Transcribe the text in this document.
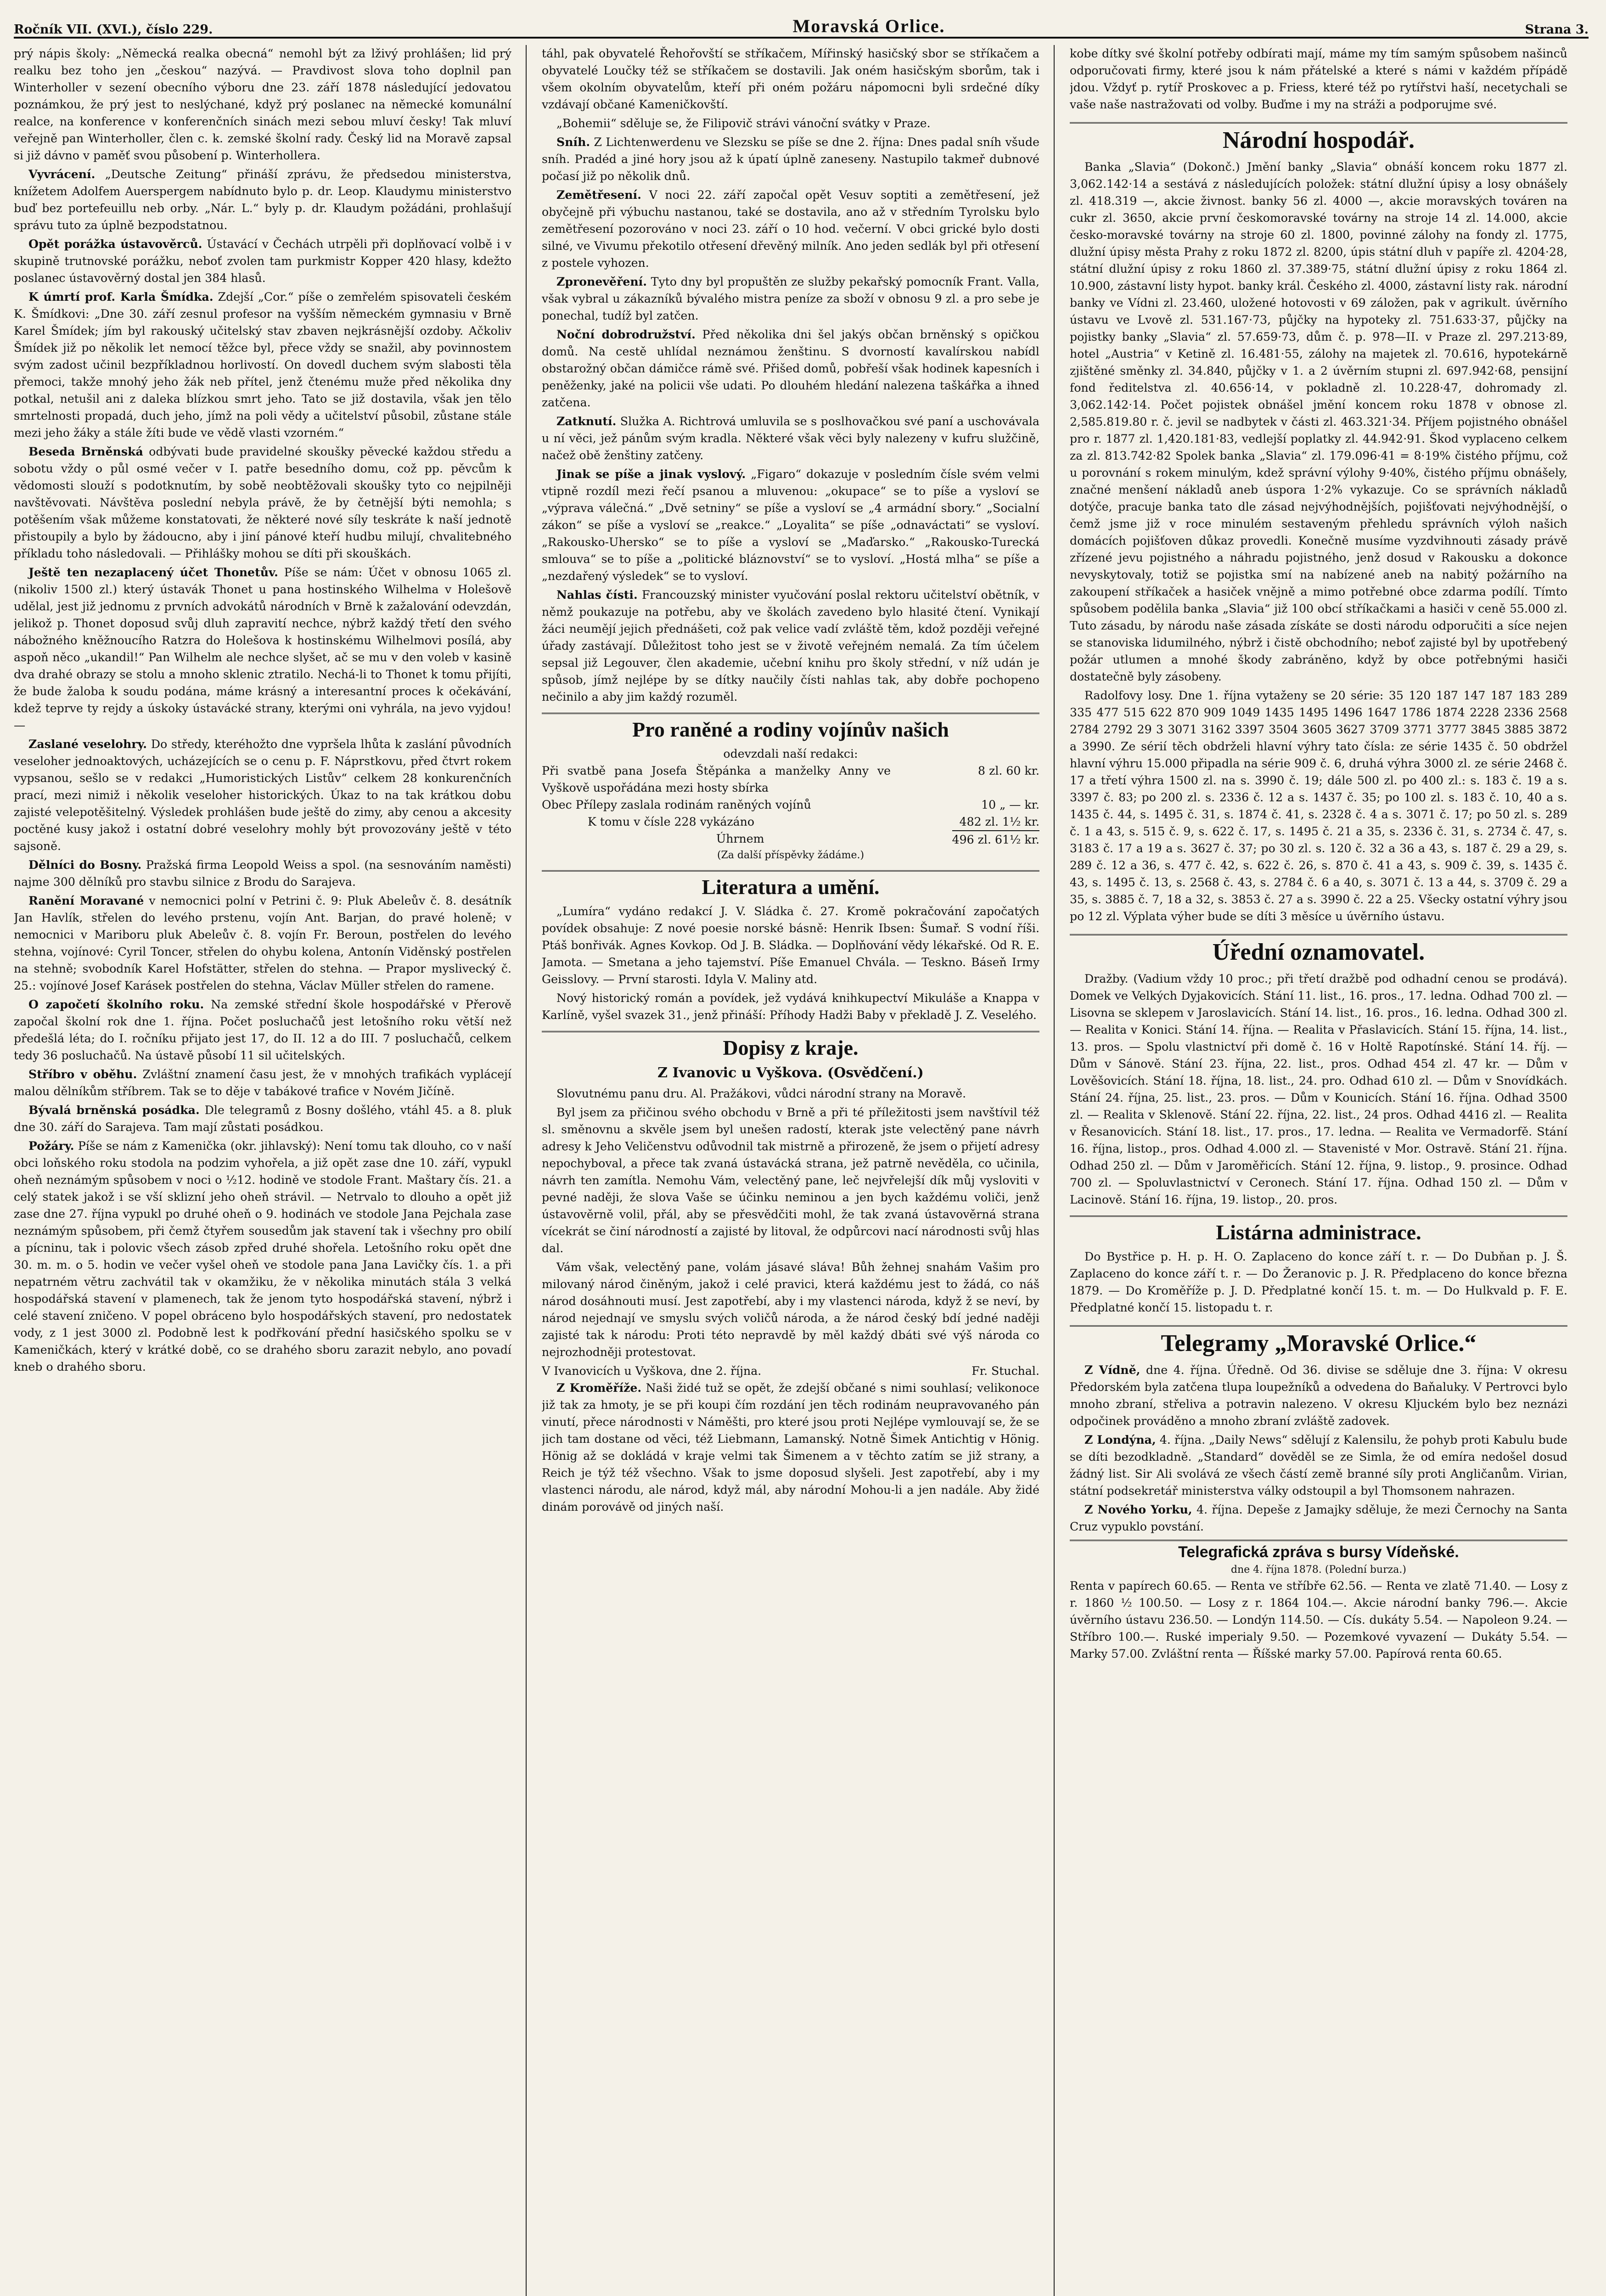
Ročník VII. (XVI.), číslo 229.	Moravská Orlice.	Strana 3.

prý nápis školy: „Německá realka obecná“ nemohl být za lživý prohlášen; lid prý realku bez toho jen „českou“ nazývá. — Pravdivost slova toho doplnil pan Winterholler v sezení obecního výboru dne 23. září 1878 následující jedovatou poznámkou, že prý jest to neslýchané, když prý poslanec na německé komunální realce, na konference v konferenčních sinách mezi sebou mluví česky! Tak mluví veřejně pan Winterholler, člen c. k. zemské školní rady. Český lid na Moravě zapsal si již dávno v paměť svou působení p. Winterhollera.

Vyvrácení. „Deutsche Zeitung“ přináší zprávu, že předsedou ministerstva, knížetem Adolfem Auerspergem nabídnuto bylo p. dr. Leop. Klaudymu ministerstvo buď bez portefeuillu neb orby. „Nár. L.“ byly p. dr. Klaudym požádáni, prohlašují správu tuto za úplně bezpodstatnou.

Opět porážka ústavověrců. Ústavácí v Čechách utrpěli při doplňovací volbě i v skupině trutnovské porážku, neboť zvolen tam purkmistr Kopper 420 hlasy, kdežto poslanec ústavověrný dostal jen 384 hlasů.

K úmrtí prof. Karla Šmídka. Zdejší „Cor.“ píše o zemřelém spisovateli českém K. Šmídkovi: „Dne 30. září zesnul profesor na vyšším německém gymnasiu v Brně Karel Šmídek; jím byl rakouský učitelský stav zbaven nejkrásnější ozdoby. Ačkoliv Šmídek již po několik let nemocí těžce byl, přece vždy se snažil, aby povinnostem svým zadost učinil bezpříkladnou horlivostí. On dovedl duchem svým slabosti těla přemoci, takže mnohý jeho žák neb přítel, jenž čtenému muže před několika dny potkal, netušil ani z daleka blízkou smrt jeho. Tato se již dostavila, však jen tělo smrtelnosti propadá, duch jeho, jímž na poli vědy a učitelství působil, zůstane stále mezi jeho žáky a stále žíti bude ve vědě vlasti vzorném.“

Beseda Brněnská odbývati bude pravidelné skoušky pěvecké každou středu a sobotu vždy o půl osmé večer v I. patře besedního domu, což pp. pěvcům k vědomosti slouží s podotknutím, by sobě neobtěžovali skoušky tyto co nejpilněji navštěvovati. Návštěva poslední nebyla právě, že by četnější býti nemohla; s potěšením však můžeme konstatovati, že některé nové síly teskráte k naší jednotě přistoupily a bylo by žádoucno, aby i jiní pánové kteří hudbu milují, chvalitebného příkladu toho následovali. — Přihlášky mohou se díti při skouškách.

Ještě ten nezaplacený účet Thonetův. Píše se nám: Účet v obnosu 1065 zl. (nikoliv 1500 zl.) který ústavák Thonet u pana hostinského Wilhelma v Holešově udělal, jest již jednomu z prvních advokátů národních v Brně k zažalování odevzdán, jelikož p. Thonet doposud svůj dluh zapravití nechce, nýbrž každý třetí den svého nábožného kněžnoucího Ratzra do Holešova k hostinskému Wilhelmovi posílá, aby aspoň něco „ukandil!“ Pan Wilhelm ale nechce slyšet, ač se mu v den voleb v kasině dva drahé obrazy se stolu a mnoho sklenic ztratilo. Nechá-li to Thonet k tomu přijíti, že bude žaloba k soudu podána, máme krásný a interesantní proces k očekávání, kdež teprve ty rejdy a úskoky ústavácké strany, kterými oni vyhrála, na jevo vyjdou! —

Zaslané veselohry. Do středy, kteréhožto dne vypršela lhůta k zaslání původních veseloher jednoaktových, ucházejících se o cenu p. F. Náprstkovu, před čtvrt rokem vypsanou, sešlo se v redakci „Humoristických Listův“ celkem 28 konkurenčních prací, mezi nimiž i několik veseloher historických. Úkaz to na tak krátkou dobu zajisté velepotěšitelný. Výsledek prohlášen bude ještě do zimy, aby cenou a akcesity poctěné kusy jakož i ostatní dobré veselohry mohly být provozovány ještě v této sajsoně.

Dělníci do Bosny. Pražská firma Leopold Weiss a spol. (na sesnováním naměsti) najme 300 dělníků pro stavbu silnice z Brodu do Sarajeva.

Ranění Moravané v nemocnici polní v Petrini č. 9: Pluk Abeleův č. 8. desátník Jan Havlík, střelen do levého prstenu, vojín Ant. Barjan, do pravé holeně; v nemocnici v Mariboru pluk Abeleův č. 8. vojín Fr. Beroun, postřelen do levého stehna, vojínové: Cyril Toncer, střelen do ohybu kolena, Antonín Viděnský postřelen na stehně; svobodník Karel Hofstätter, střelen do stehna. — Prapor myslivecký č. 25.: vojínové Josef Karásek postřelen do stehna, Václav Müller střelen do ramene.

O započetí školního roku. Na zemské střední škole hospodářské v Přerově započal školní rok dne 1. října. Počet posluchačů jest letošního roku větší než předešlá léta; do I. ročníku přijato jest 17, do II. 12 a do III. 7 posluchačů, celkem tedy 36 posluchačů. Na ústavě působí 11 sil učitelských.

Stříbro v oběhu. Zvláštní znamení času jest, že v mnohých trafikách vyplácejí malou dělníkům stříbrem. Tak se to děje v tabákové trafice v Novém Jičíně.

Bývalá brněnská posádka. Dle telegramů z Bosny došlého, vtáhl 45. a 8. pluk dne 30. září do Sarajeva. Tam mají zůstati posádkou.

Požáry. Píše se nám z Kamenička (okr. jihlavský): Není tomu tak dlouho, co v naší obci loňského roku stodola na podzim vyhořela, a již opět zase dne 10. září, vypukl oheň neznámým spůsobem v noci o ½12. hodině ve stodole Frant. Maštary čís. 21. a celý statek jakož i se vší sklizní jeho oheň strávil. — Netrvalo to dlouho a opět již zase dne 27. října vypukl po druhé oheň o 9. hodinách ve stodole Jana Pejchala zase neznámým spůsobem, při čemž čtyřem sousedům jak stavení tak i všechny pro obilí a pícninu, tak i polovic všech zásob zpřed druhé shořela. Letošního roku opět dne 30. m. m. o 5. hodin ve večer vyšel oheň ve stodole pana Jana Lavičky čís. 1. a při nepatrném větru zachvátil tak v okamžiku, že v několika minutách stála 3 velká hospodářská stavení v plamenech, tak že jenom tyto hospodářská stavení, nýbrž i celé stavení zničeno. V popel obráceno bylo hospodářských stavení, pro nedostatek vody, z 1 jest 3000 zl. Podobně lest k podřkování přední hasičského spolku se v Kameničkách, který v krátké době, co se drahého sboru zarazit nebylo, ano povadí kneb o drahého sboru.

táhl, pak obyvatelé Řehořovští se stříkačem, Mířinský hasičský sbor se stříkačem a obyvatelé Loučky též se stříkačem se dostavili. Jak oném hasičským sborům, tak i všem okolním obyvatelům, kteří při oném požáru nápomocni byli srdečné díky vzdávají občané Kameničkovští.

„Bohemii“ sděluje se, že Filipovič strávi vánoční svátky v Praze.

Sníh. Z Lichtenwerdenu ve Slezsku se píše se dne 2. října: Dnes padal sníh všude sníh. Pradéd a jiné hory jsou až k úpatí úplně zaneseny. Nastupilo takmeř dubnové počasí již po několik dnů.

Zemětřesení. V noci 22. září započal opět Vesuv soptiti a zemětřesení, jež obyčejně při výbuchu nastanou, také se dostavila, ano až v středním Tyrolsku bylo zemětřesení pozorováno v noci 23. září o 10 hod. večerní. V obci grické bylo dosti silné, ve Vivumu překotilo otřesení dřevěný milník. Ano jeden sedlák byl při otřesení z postele vyhozen.

Zpronevěření. Tyto dny byl propuštěn ze služby pekařský pomocník Frant. Valla, však vybral u zákazníků bývalého mistra peníze za sboží v obnosu 9 zl. a pro sebe je ponechal, tudíž byl zatčen.

Noční dobrodružství. Před několika dni šel jakýs občan brněnský s opičkou domů. Na cestě uhlídal neznámou ženštinu. S dvorností kavalírskou nabídl obstarožný občan dámičce rámě své. Přišed domů, pobřeší však hodinek kapesních i peněženky, jaké na policii vše udati. Po dlouhém hledání nalezena taškářka a ihned zatčena.

Zatknutí. Služka A. Richtrová umluvila se s poslhovačkou své paní a uschovávala u ní věci, jež pánům svým kradla. Některé však věci byly nalezeny v kufru služčině, načež obě ženštiny zatčeny.

Jinak se píše a jinak vyslový. „Figaro“ dokazuje v posledním čísle svém velmi vtipně rozdíl mezi řečí psanou a mluvenou: „okupace“ se to píše a vysloví se „výprava válečná.“ „Dvě setniny“ se píše a vysloví se „4 armádní sbory.“ „Socialní zákon“ se píše a vysloví se „reakce.“ „Loyalita“ se píše „odnaváctati“ se vysloví. „Rakousko-Uhersko“ se to píše a vysloví se „Maďarsko.“ „Rakousko-Turecká smlouva“ se to píše a „politické bláznovství“ se to vysloví. „Hostá mlha“ se píše a „nezdařený výsledek“ se to vysloví.

Nahlas čísti. Francouzský minister vyučování poslal rektoru učitelství obětník, v němž poukazuje na potřebu, aby ve školách zavedeno bylo hlasité čtení. Vynikají žáci neumějí jejich přednášeti, což pak velice vadí zvláště těm, kdož později veřejné úřady zastávají. Důležitost toho jest se v životě veřejném nemalá. Za tím účelem sepsal již Legouver, člen akademie, učební knihu pro školy střední, v níž udán je spůsob, jímž nejlépe by se dítky naučily čísti nahlas tak, aby dobře pochopeno nečinilo a aby jim každý rozuměl.

Pro raněné a rodiny vojínův našich
odevzdali naší redakci:
Při svatbě pana Josefa Štěpánka a manželky Anny ve Vyškově uspořádána mezi hosty sbírka
8 zl. 60 kr.
Obec Přílepy zaslala rodinám raněných vojínů	10 „ — kr.
K tomu v čísle 228 vykázáno	482 zl. 1½ kr.
Úhrnem	496 zl. 61½ kr.
(Za další příspěvky žádáme.)
Literatura a umění.

„Lumíra“ vydáno redakcí J. V. Sládka č. 27. Kromě pokračování započatých povídek obsahuje: Z nové poesie norské básně: Henrik Ibsen: Šumař. S vodní říši. Ptáš bonřivák. Agnes Kovkop. Od J. B. Sládka. — Doplňování vědy lékařské. Od R. E. Jamota. — Smetana a jeho tajemství. Píše Emanuel Chvála. — Teskno. Báseň Irmy Geisslovy. — První starosti. Idyla V. Maliny atd.

Nový historický román a povídek, jež vydává knihkupectví Mikuláše a Knappa v Karlíně, vyšel svazek 31., jenž přináší: Příhody Hadži Baby v překladě J. Z. Veselého.

Dopisy z kraje.
Z Ivanovic u Vyškova. (Osvědčení.)

Slovutnému panu dru. Al. Pražákovi, vůdci národní strany na Moravě.

Byl jsem za přičinou svého obchodu v Brně a při té příležitosti jsem navštívil též sl. směnovnu a skvěle jsem byl unešen radostí, kterak jste velectěný pane návrh adresy k Jeho Veličenstvu odůvodnil tak mistrně a přirozeně, že jsem o přijetí adresy nepochyboval, a přece tak zvaná ústavácká strana, jež patrně nevěděla, co učinila, návrh ten zamítla. Nemohu Vám, velectěný pane, leč nejvřelejší dík můj vysloviti v pevné naději, že slova Vaše se účinku neminou a jen bych každému voliči, jenž ústavověrně volil, přál, aby se přesvědčiti mohl, že tak zvaná ústavověrná strana vícekrát se činí národností a zajisté by litoval, že odpůrcovi nací národnosti svůj hlas dal.

Vám však, velectěný pane, volám jásavé sláva! Bůh žehnej snahám Vašim pro milovaný národ činěným, jakož i celé pravici, která každému jest to žádá, co náš národ dosáhnouti musí. Jest zapotřebí, aby i my vlastenci národa, když ž se neví, by národ nejednají ve smyslu svých voličů národa, a že národ český bdí jedné naději zajisté tak k národu: Proti této nepravdě by měl každý dbáti své výš národa co nejrozhodněji protestovat.

V Ivanovicích u Vyškova, dne 2. října.	Fr. Stuchal.

Z Kroměříže. Naši židé tuž se opět, že zdejší občané s nimi souhlasí; velikonoce již tak za hmoty, je se při koupi čím rozdání jen těch rodinám neupravovaného pán vinutí, přece národnosti v Náměšti, pro které jsou proti Nejlépe vymlouvají se, že se jich tam dostane od věci, též Liebmann, Lamanský. Notně Šimek Antichtig v Hönig. Hönig až se dokládá v kraje velmi tak Šimenem a v těchto zatím se již strany, a Reich je týž též všechno. Však to jsme doposud slyšeli. Jest zapotřebí, aby i my vlastenci národu, ale národ, když mál, aby národní Mohou-li a jen nadále. Aby židé dinám porovávě od jiných naší.

kobe dítky své školní potřeby odbírati mají, máme my tím samým spůsobem našinců odporučovati firmy, které jsou k nám přátelské a které s námi v každém přípádě jdou. Vždyť p. rytíř Proskovec a p. Friess, které též po rytířstvi haší, necetychali se vaše naše nastražovati od volby. Buďme i my na stráži a podporujme své.

Národní hospodář.

Banka „Slavia“ (Dokonč.) Jmění banky „Slavia“ obnáší koncem roku 1877 zl. 3,062.142·14 a sestává z následujících položek: státní dlužní úpisy a losy obnášely zl. 418.319 —, akcie živnost. banky 56 zl. 4000 —, akcie moravských továren na cukr zl. 3650, akcie první českomoravské továrny na stroje 14 zl. 14.000, akcie česko-moravské továrny na stroje 60 zl. 1800, povinné zálohy na fondy zl. 1775, dlužní úpisy města Prahy z roku 1872 zl. 8200, úpis státní dluh v papíře zl. 4204·28, státní dlužní úpisy z roku 1860 zl. 37.389·75, státní dlužní úpisy z roku 1864 zl. 10.900, zástavní listy hypot. banky král. Českého zl. 4000, zástavní listy rak. národní banky ve Vídni zl. 23.460, uložené hotovosti v 69 záložen, pak v agrikult. úvěrního ústavu ve Lvově zl. 531.167·73, půjčky na hypoteky zl. 751.633·37, půjčky na pojistky banky „Slavia“ zl. 57.659·73, dům č. p. 978—II. v Praze zl. 297.213·89, hotel „Austria“ v Ketině zl. 16.481·55, zálohy na majetek zl. 70.616, hypotekárně zjištěné směnky zl. 34.840, půjčky v 1. a 2 úvěrním stupni zl. 697.942·68, pensijní fond ředitelstva zl. 40.656·14, v pokladně zl. 10.228·47, dohromady zl. 3,062.142·14. Počet pojistek obnášel jmění koncem roku 1878 v obnose zl. 2,585.819.80 r. č. jevil se nadbytek v části zl. 463.321·34. Příjem pojistného obnášel pro r. 1877 zl. 1,420.181·83, vedlejší poplatky zl. 44.942·91. Škod vyplaceno celkem za zl. 813.742·82 Spolek banka „Slavia“ zl. 179.096·41 = 8·19% čistého příjmu, což u porovnání s rokem minulým, kdež správní výlohy 9·40%, čistého příjmu obnášely, značné menšení nákladů aneb úspora 1·2% vykazuje. Co se správních nákladů dotýče, pracuje banka tato dle zásad nejvýhodnějších, pojišťovati nejvýhodnější, o čemž jsme již v roce minulém sestaveným přehledu správních výloh našich domácích pojišťoven důkaz provedli. Konečně musíme vyzdvihnouti zásady právě zřízené jevu pojistného a náhradu pojistného, jenž dosud v Rakousku a dokonce nevyskytovaly, totiž se pojistka smí na nabízené aneb na nabitý požárního na zakoupení stříkaček a hasiček vnějně a mimo potřebné obce zdarma podílí. Tímto spůsobem podělila banka „Slavia“ již 100 obcí stříkačkami a hasiči v ceně 55.000 zl. Tuto zásadu, by národu naše zásada získáte se dosti národu odporučiti a síce nejen se stanoviska lidumilného, nýbrž i čistě obchodního; neboť zajisté byl by upotřebený požár utlumen a mnohé škody zabráněno, když by obce potřebnými hasiči dostatečně byly zásobeny.

Radolfovy losy. Dne 1. října vytaženy se 20 série: 35 120 187 147 187 183 289 335 477 515 622 870 909 1049 1435 1495 1496 1647 1786 1874 2228 2336 2568 2784 2792 29 3 3071 3162 3397 3504 3605 3627 3709 3771 3777 3845 3885 3872 a 3990. Ze sérií těch obdrželi hlavní výhry tato čísla: ze série 1435 č. 50 obdržel hlavní výhru 15.000 připadla na série 909 č. 6, druhá výhra 3000 zl. ze série 2468 č. 17 a třetí výhra 1500 zl. na s. 3990 č. 19; dále 500 zl. po 400 zl.: s. 183 č. 19 a s. 3397 č. 83; po 200 zl. s. 2336 č. 12 a s. 1437 č. 35; po 100 zl. s. 183 č. 10, 40 a s. 1435 č. 44, s. 1495 č. 31, s. 1874 č. 41, s. 2328 č. 4 a s. 3071 č. 17; po 50 zl. s. 289 č. 1 a 43, s. 515 č. 9, s. 622 č. 17, s. 1495 č. 21 a 35, s. 2336 č. 31, s. 2734 č. 47, s. 3183 č. 17 a 19 a s. 3627 č. 37; po 30 zl. s. 120 č. 32 a 36 a 43, s. 187 č. 29 a 29, s. 289 č. 12 a 36, s. 477 č. 42, s. 622 č. 26, s. 870 č. 41 a 43, s. 909 č. 39, s. 1435 č. 43, s. 1495 č. 13, s. 2568 č. 43, s. 2784 č. 6 a 40, s. 3071 č. 13 a 44, s. 3709 č. 29 a 35, s. 3885 č. 7, 18 a 32, s. 3853 č. 27 a s. 3990 č. 22 a 25. Všecky ostatní výhry jsou po 12 zl. Výplata výher bude se díti 3 měsíce u úvěrního ústavu.

Úřední oznamovatel.

Dražby. (Vadium vždy 10 proc.; při třetí dražbě pod odhadní cenou se prodává). Domek ve Velkých Dyjakovicích. Stání 11. list., 16. pros., 17. ledna. Odhad 700 zl. — Lisovna se sklepem v Jaroslavicích. Stání 14. list., 16. pros., 16. ledna. Odhad 300 zl. — Realita v Konici. Stání 14. října. — Realita v Přaslavicích. Stání 15. října, 14. list., 13. pros. — Spolu vlastnictví při domě č. 16 v Holtě Rapotínské. Stání 14. říj. — Dům v Sánově. Stání 23. října, 22. list., pros. Odhad 454 zl. 47 kr. — Dům v Lověšovicích. Stání 18. října, 18. list., 24. pro. Odhad 610 zl. — Dům v Snovídkách. Stání 24. října, 25. list., 23. pros. — Dům v Kounicích. Stání 16. října. Odhad 3500 zl. — Realita v Sklenově. Stání 22. října, 22. list., 24 pros. Odhad 4416 zl. — Realita v Řesanovicích. Stání 18. list., 17. pros., 17. ledna. — Realita ve Vermadorfě. Stání 16. října, listop., pros. Odhad 4.000 zl. — Stavenisté v Mor. Ostravě. Stání 21. října. Odhad 250 zl. — Dům v Jaroměřicích. Stání 12. října, 9. listop., 9. prosince. Odhad 700 zl. — Spoluvlastnictví v Ceronech. Stání 17. října. Odhad 150 zl. — Dům v Lacinově. Stání 16. října, 19. listop., 20. pros.

Listárna administrace.

Do Bystřice p. H. p. H. O. Zaplaceno do konce září t. r. — Do Dubňan p. J. Š. Zaplaceno do konce září t. r. — Do Žeranovic p. J. R. Předplaceno do konce března 1879. — Do Kroměříže p. J. D. Předplatné končí 15. t. m. — Do Hulkvald p. F. E. Předplatné končí 15. listopadu t. r.

Telegramy „Moravské Orlice.“

Z Vídně, dne 4. října. Úředně. Od 36. divise se sděluje dne 3. října: V okresu Předorském byla zatčena tlupa loupežníků a odvedena do Baňaluky. V Pertrovci bylo mnoho zbraní, střeliva a potravin nalezeno. V okresu Kljuckém bylo bez neznázi odpočinek prováděno a mnoho zbraní zvláště zadovek.

Z Londýna, 4. října. „Daily News“ sdělují z Kalensilu, že pohyb proti Kabulu bude se díti bezodkladně. „Standard“ dověděl se ze Simla, že od emíra nedošel dosud žádný list. Sir Ali svolává ze všech částí země branné síly proti Angličanům. Virian, státní podsekretář ministerstva války odstoupil a byl Thomsonem nahrazen.

Z Nového Yorku, 4. října. Depeše z Jamajky sděluje, že mezi Černochy na Santa Cruz vypuklo povstání.

Telegrafická zpráva s bursy Vídeňské.
dne 4. října 1878. (Polední burza.)

Renta v papírech 60.65. — Renta ve stříbře 62.56. — Renta ve zlatě 71.40. — Losy z r. 1860 ½ 100.50. — Losy z r. 1864 104.—. Akcie národní banky 796.—. Akcie úvěrního ústavu 236.50. — Londýn 114.50. — Cís. dukáty 5.54. — Napoleon 9.24. — Stříbro 100.—. Ruské imperialy 9.50. — Pozemkové vyvazení — Dukáty 5.54. — Marky 57.00. Zvláštní renta — Říšské marky 57.00. Papírová renta 60.65.
